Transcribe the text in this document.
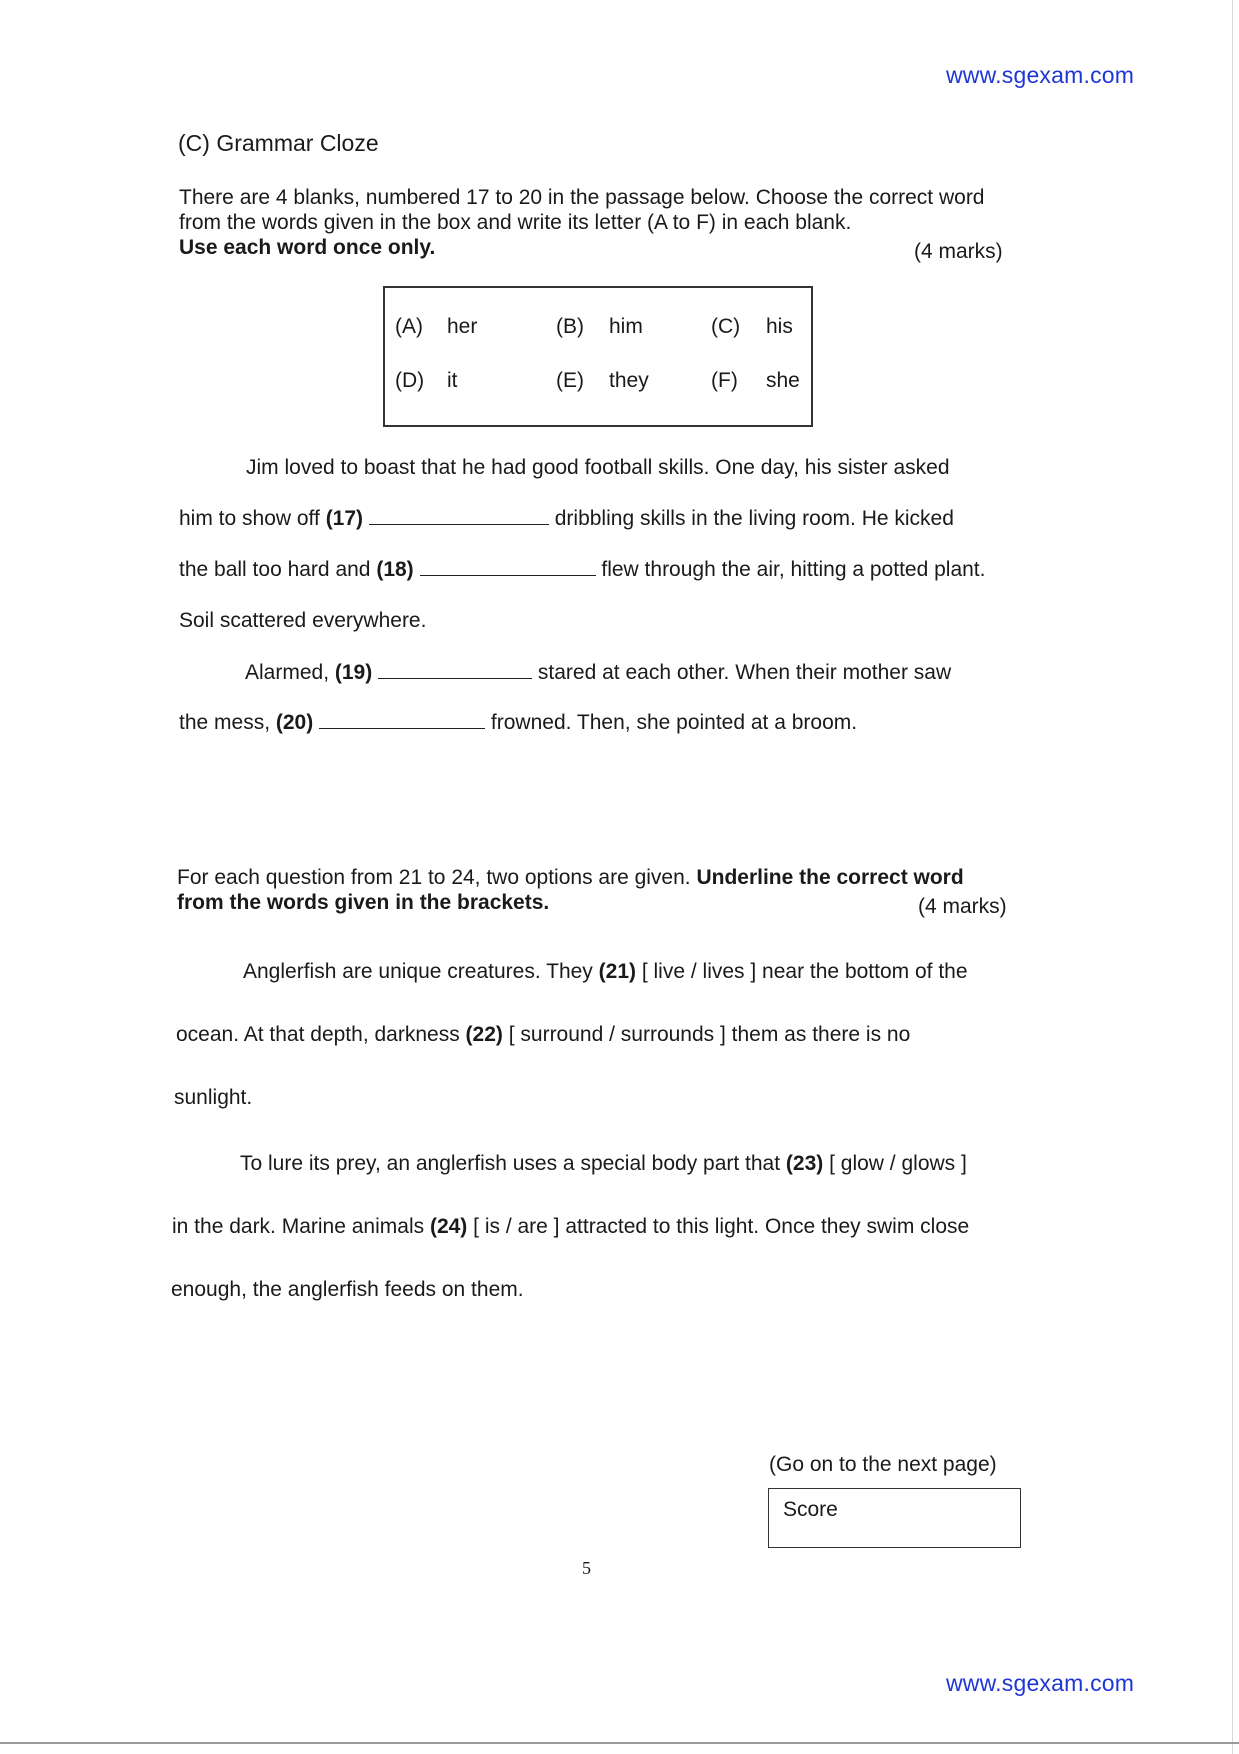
www.sgexam.com
(C) Grammar Cloze
There are 4 blanks, numbered 17 to 20 in the passage below. Choose the correct word
from the words given in the box and write its letter (A to F) in each blank.
Use each word once only.	(4 marks)
(A) her	(B) him	(C) his
(D) it	(E) they	(F) she
Jim loved to boast that he had good football skills. One day, his sister asked
him to show off (17)	dribbling skills in the living room. He kicked
the ball too hard and (18)	flew through the air, hitting a potted plant.
Soil scattered everywhere.
Alarmed, (19)	stared at each other. When their mother saw
the mess, (20)	frowned. Then, she pointed at a broom.
For each question from 21 to 24, two options are given. Underline the correct word
from the words given in the brackets.	(4 marks)
Anglerfish are unique creatures. They (21) [ live / lives ] near the bottom of the
ocean. At that depth, darkness (22) [ surround / surrounds ] them as there is no
sunlight.
To lure its prey, an anglerfish uses a special body part that (23) [ glow / glows ]
in the dark. Marine animals (24) [ is / are ] attracted to this light. Once they swim close
enough, the anglerfish feeds on them.
(Go on to the next page)
Score
5
www.sgexam.com
